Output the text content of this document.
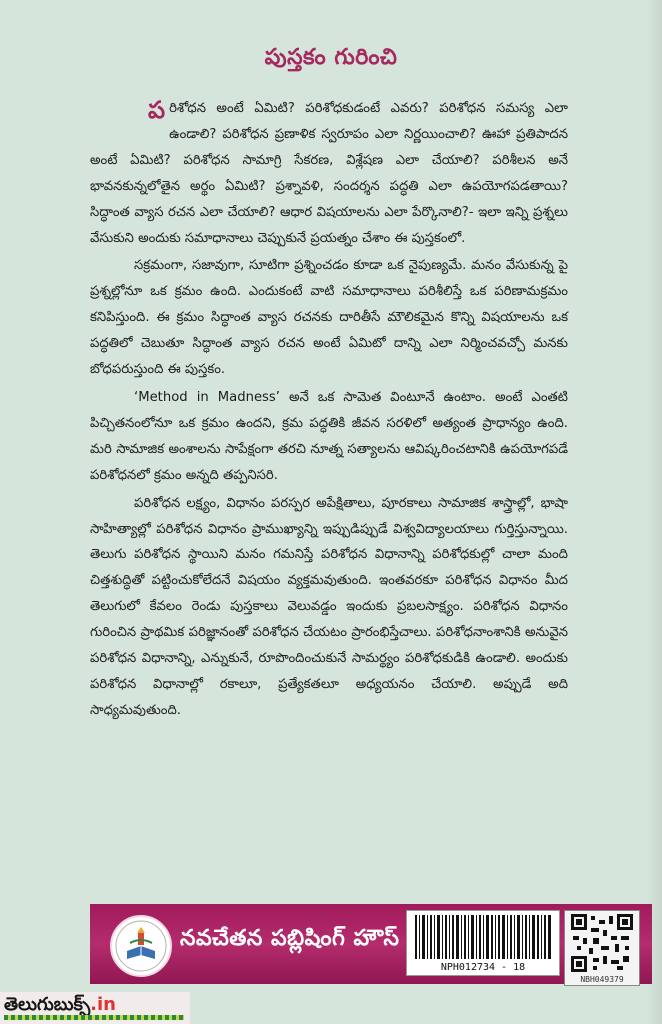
పుస్తకం గురించి

పరిశోధన అంటే ఏమిటి? పరిశోధకుడంటే ఎవరు? పరిశోధన సమస్య ఎలా ఉండాలి? పరిశోధన ప్రణాళిక స్వరూపం ఎలా నిర్ణయించాలి? ఊహా ప్రతిపాదన అంటే ఏమిటి? పరిశోధన సామాగ్రి సేకరణ, విశ్లేషణ ఎలా చేయాలి? పరిశీలన అనే భావనకున్నలోతైన అర్థం ఏమిటి? ప్రశ్నావళి, సందర్శన పద్ధతి ఎలా ఉపయోగపడతాయి? సిద్ధాంత వ్యాస రచన ఎలా చేయాలి? ఆధార విషయాలను ఎలా పేర్కొనాలి?- ఇలా ఇన్ని ప్రశ్నలు వేసుకుని అందుకు సమాధానాలు చెప్పుకునే ప్రయత్నం చేశాం ఈ పుస్తకంలో.

సక్రమంగా, సజావుగా, సూటిగా ప్రశ్నించడం కూడా ఒక నైపుణ్యమే. మనం వేసుకున్న పై ప్రశ్నల్లోనూ ఒక క్రమం ఉంది. ఎందుకంటే వాటి సమాధానాలు పరిశీలిస్తే ఒక పరిణామక్రమం కనిపిస్తుంది. ఈ క్రమం సిద్ధాంత వ్యాస రచనకు దారితీసే మౌలికమైన కొన్ని విషయాలను ఒక పద్ధతిలో చెబుతూ సిద్ధాంత వ్యాస రచన అంటే ఏమిటో దాన్ని ఎలా నిర్మించవచ్చో మనకు బోధపరుస్తుంది ఈ పుస్తకం.

‘Method in Madness’ అనే ఒక సామెత వింటూనే ఉంటాం. అంటే ఎంతటి పిచ్చితనంలోనూ ఒక క్రమం ఉందని, క్రమ పద్ధతికి జీవన సరళిలో అత్యంత ప్రాధాన్యం ఉంది. మరి సామాజిక అంశాలను సాపేక్షంగా తరచి నూత్న సత్యాలను ఆవిష్కరించటానికి ఉపయోగపడే పరిశోధనలో క్రమం అన్నది తప్పనిసరి.

పరిశోధన లక్ష్యం, విధానం పరస్పర అపేక్షితాలు, పూరకాలు సామాజిక శాస్త్రాల్లో, భాషా సాహిత్యాల్లో పరిశోధన విధానం ప్రాముఖ్యాన్ని ఇప్పుడిప్పుడే విశ్వవిద్యాలయాలు గుర్తిస్తున్నాయి. తెలుగు పరిశోధన స్థాయిని మనం గమనిస్తే పరిశోధన విధానాన్ని పరిశోధకుల్లో చాలా మంది చిత్తశుద్ధితో పట్టించుకోలేదనే విషయం వ్యక్తమవుతుంది. ఇంతవరకూ పరిశోధన విధానం మీద తెలుగులో కేవలం రెండు పుస్తకాలు వెలువడ్డం ఇందుకు ప్రబలసాక్ష్యం. పరిశోధన విధానం గురించిన ప్రాథమిక పరిజ్ఞానంతో పరిశోధన చేయటం ప్రారంభిస్తేచాలు. పరిశోధనాంశానికి అనువైన పరిశోధన విధానాన్ని, ఎన్నుకునే, రూపొందించుకునే సామర్థ్యం పరిశోధకుడికి ఉండాలి. అందుకు పరిశోధన విధానాల్లో రకాలూ, ప్రత్యేకతలూ అధ్యయనం చేయాలి. అప్పుడే అది సాధ్యమవుతుంది.

నవచేతన పబ్లిషింగ్ హౌస్
NPH012734 - 18
NBH049379
తెలుగుబుక్స్.in
